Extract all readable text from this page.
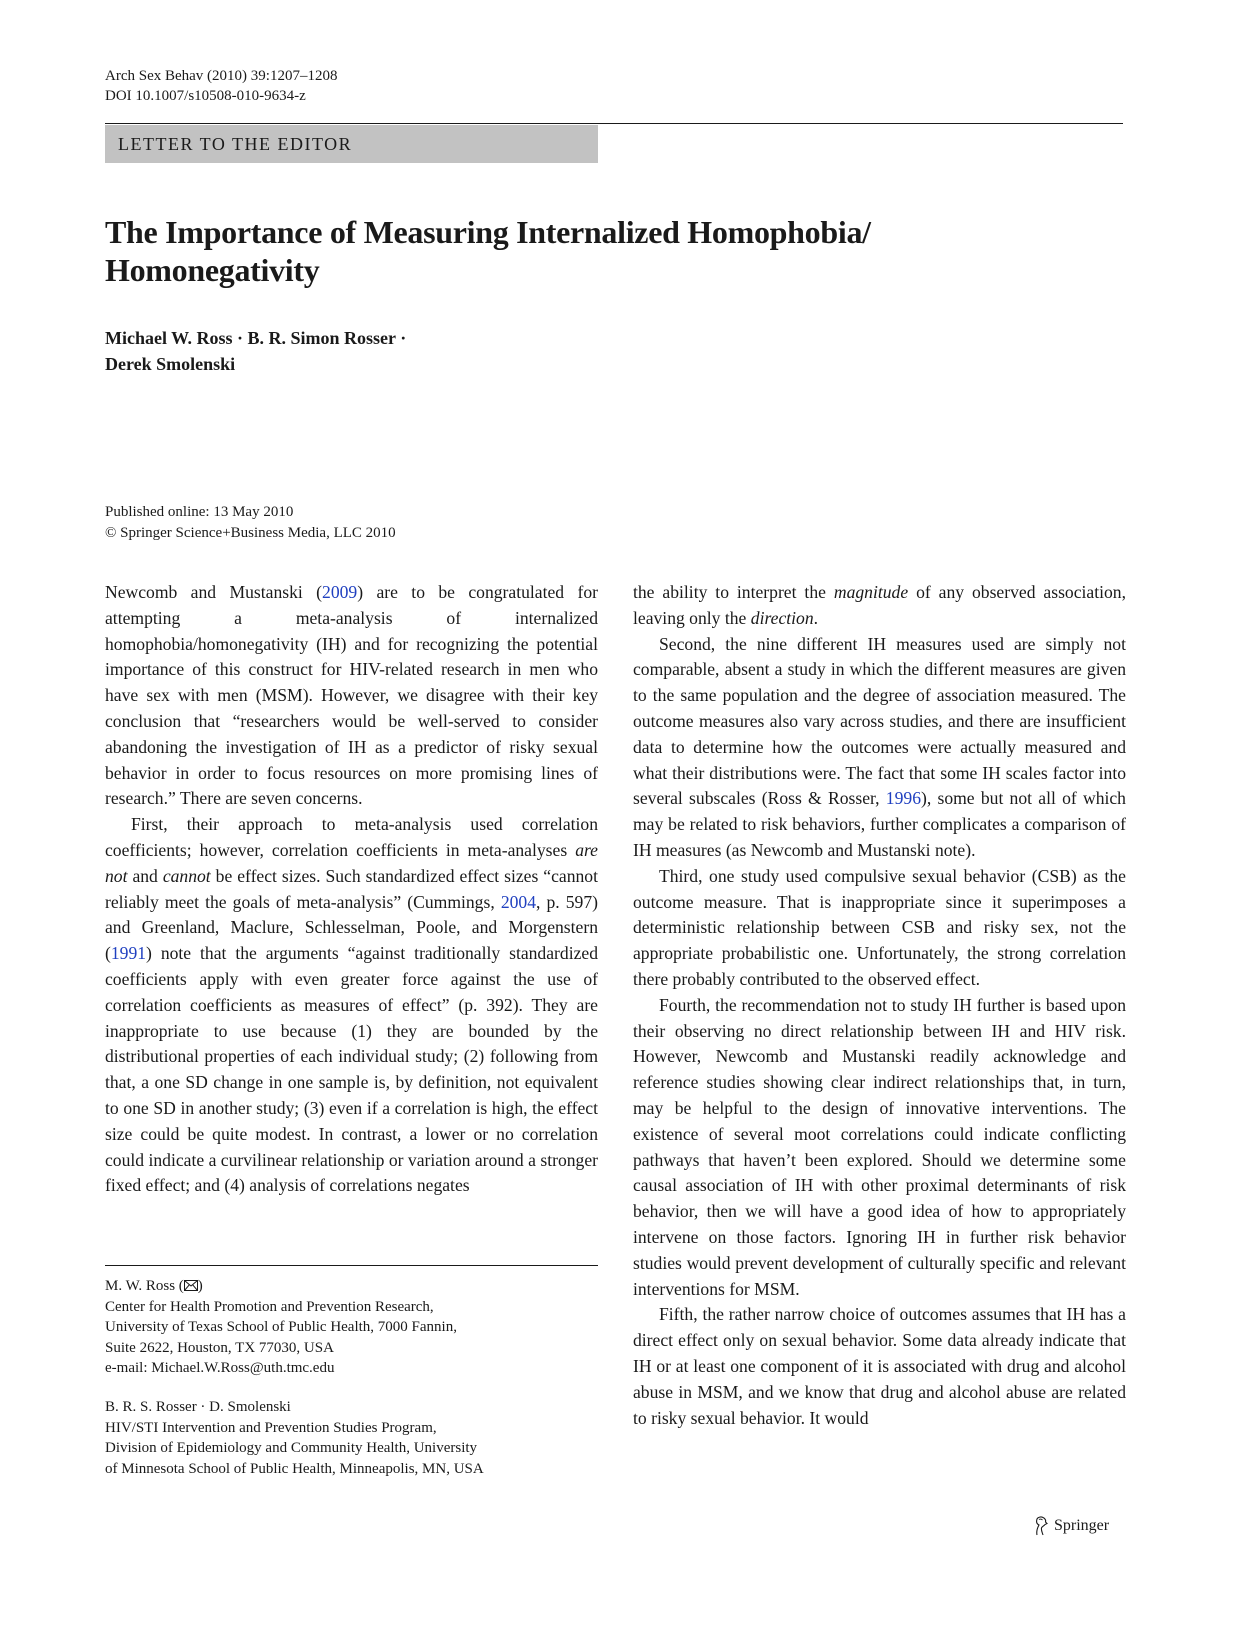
Arch Sex Behav (2010) 39:1207–1208
DOI 10.1007/s10508-010-9634-z
LETTER TO THE EDITOR
The Importance of Measuring Internalized Homophobia/
Homonegativity
Michael W. Ross · B. R. Simon Rosser ·
Derek Smolenski
Published online: 13 May 2010
© Springer Science+Business Media, LLC 2010

Newcomb and Mustanski (2009) are to be congratulated for attempting a meta-analysis of internalized homophobia/homonegativity (IH) and for recognizing the potential importance of this construct for HIV-related research in men who have sex with men (MSM). However, we disagree with their key conclusion that “researchers would be well-served to consider abandoning the investigation of IH as a predictor of risky sexual behavior in order to focus resources on more promising lines of research.” There are seven concerns.

First, their approach to meta-analysis used correlation coefficients; however, correlation coefficients in meta-analyses are not and cannot be effect sizes. Such standardized effect sizes “cannot reliably meet the goals of meta-analysis” (Cummings, 2004, p. 597) and Greenland, Maclure, Schlesselman, Poole, and Morgenstern (1991) note that the arguments “against traditionally standardized coefficients apply with even greater force against the use of correlation coefficients as measures of effect” (p. 392). They are inappropriate to use because (1) they are bounded by the distributional properties of each individual study; (2) following from that, a one SD change in one sample is, by definition, not equivalent to one SD in another study; (3) even if a correlation is high, the effect size could be quite modest. In contrast, a lower or no correlation could indicate a curvilinear relationship or variation around a stronger fixed effect; and (4) analysis of correlations negates

the ability to interpret the magnitude of any observed association, leaving only the direction.

Second, the nine different IH measures used are simply not comparable, absent a study in which the different measures are given to the same population and the degree of association measured. The outcome measures also vary across studies, and there are insufficient data to determine how the outcomes were actually measured and what their distributions were. The fact that some IH scales factor into several subscales (Ross & Rosser, 1996), some but not all of which may be related to risk behaviors, further complicates a comparison of IH measures (as Newcomb and Mustanski note).

Third, one study used compulsive sexual behavior (CSB) as the outcome measure. That is inappropriate since it superimposes a deterministic relationship between CSB and risky sex, not the appropriate probabilistic one. Unfortunately, the strong correlation there probably contributed to the observed effect.

Fourth, the recommendation not to study IH further is based upon their observing no direct relationship between IH and HIV risk. However, Newcomb and Mustanski readily acknowledge and reference studies showing clear indirect relationships that, in turn, may be helpful to the design of innovative interventions. The existence of several moot correlations could indicate conflicting pathways that haven’t been explored. Should we determine some causal association of IH with other proximal determinants of risk behavior, then we will have a good idea of how to appropriately intervene on those factors. Ignoring IH in further risk behavior studies would prevent development of culturally specific and relevant interventions for MSM.

Fifth, the rather narrow choice of outcomes assumes that IH has a direct effect only on sexual behavior. Some data already indicate that IH or at least one component of it is associated with drug and alcohol abuse in MSM, and we know that drug and alcohol abuse are related to risky sexual behavior. It would

M. W. Ross ( )
Center for Health Promotion and Prevention Research,
University of Texas School of Public Health, 7000 Fannin,
Suite 2622, Houston, TX 77030, USA
e-mail: Michael.W.Ross@uth.tmc.edu
B. R. S. Rosser · D. Smolenski
HIV/STI Intervention and Prevention Studies Program,
Division of Epidemiology and Community Health, University
of Minnesota School of Public Health, Minneapolis, MN, USA
Springer
